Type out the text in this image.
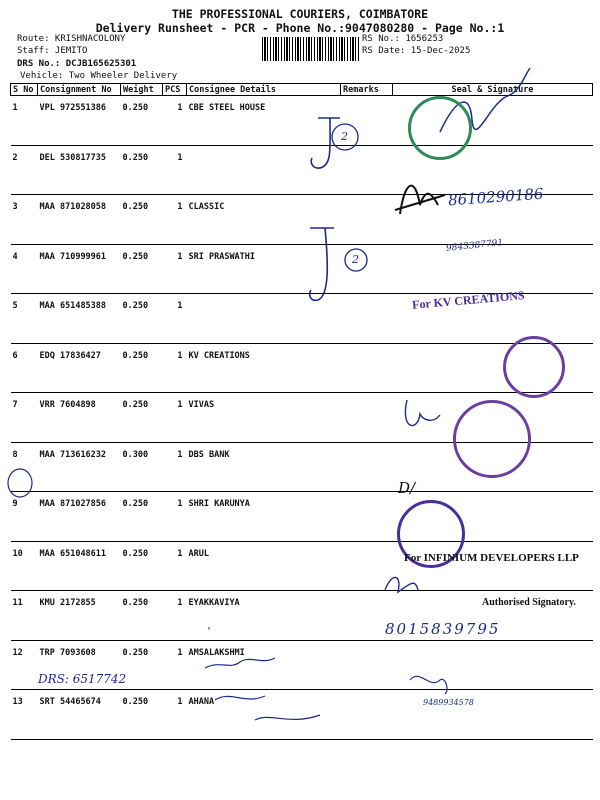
THE PROFESSIONAL COURIERS, COIMBATORE
Delivery Runsheet - PCR - Phone No.:9047080280 - Page No.:1
Route: KRISHNACOLONY
Staff: JEMITO
DRS No.: DCJB165625301
Vehicle: Two Wheeler Delivery
RS No.: 1656253
RS Date: 15-Dec-2025
S No	Consignment No	Weight	PCS	Consignee Details	Remarks	Seal & Signature
1	VPL 972551386	0.250	1	CBE STEEL HOUSE		
2	DEL 530817735	0.250	1			
3	MAA 871028058	0.250	1	CLASSIC		
4	MAA 710999961	0.250	1	SRI PRASWATHI		
5	MAA 651485388	0.250	1			
6	EDQ 17836427	0.250	1	KV CREATIONS		
7	VRR 7604898	0.250	1	VIVAS		
8	MAA 713616232	0.300	1	DBS BANK		
9	MAA 871027856	0.250	1	SHRI KARUNYA		
10	MAA 651048611	0.250	1	ARUL		
11	KMU 2172855	0.250	1	EYAKKAVIYA		
12	TRP 7093608	0.250	1	AMSALAKSHMI		
13	SRT 54465674	0.250	1	AHANA		
'
For KV CREATIONS
For INFINIUM DEVELOPERS LLP
Authorised Signatory.
8610290186
9843387791
8015839795
2
2
D/
DRS: 6517742
9489934578
